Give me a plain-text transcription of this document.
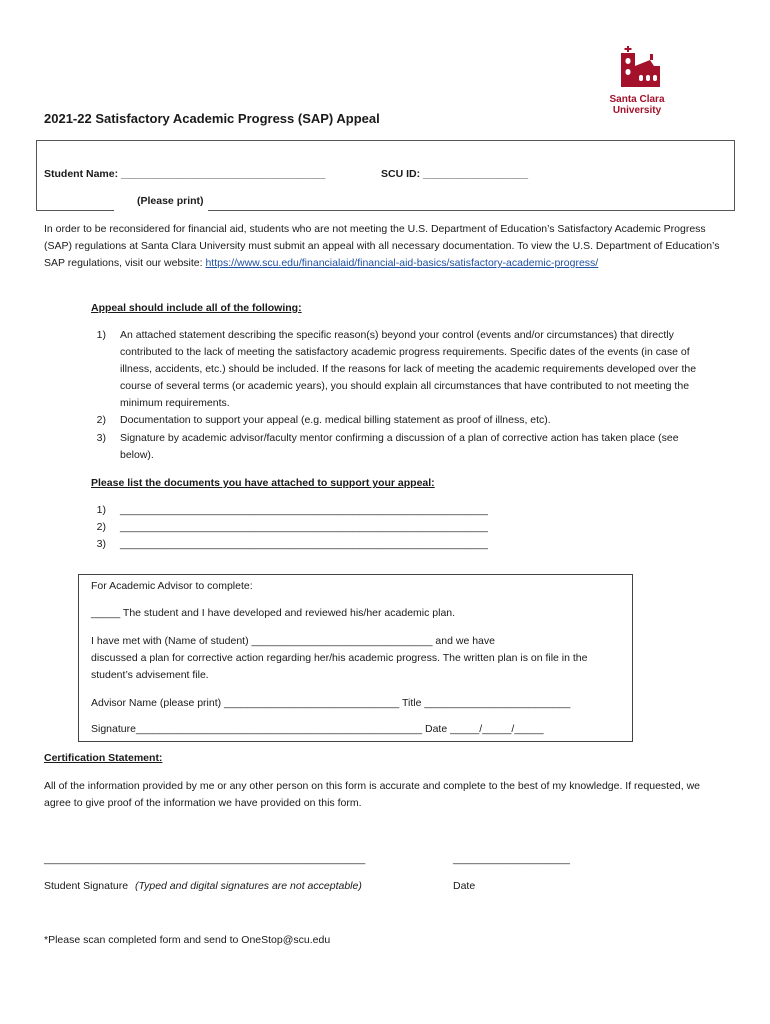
Santa Clara
University
2021-22 Satisfactory Academic Progress (SAP) Appeal
Student Name: ___________________________________	SCU ID: __________________
(Please print)
In order to be reconsidered for financial aid, students who are not meeting the U.S. Department of Education’s Satisfactory Academic Progress (SAP) regulations at Santa Clara University must submit an appeal with all necessary documentation. To view the U.S. Department of Education’s SAP regulations, visit our website: https://www.scu.edu/financialaid/financial-aid-basics/satisfactory-academic-progress/
Appeal should include all of the following:
1)	An attached statement describing the specific reason(s) beyond your control (events and/or circumstances) that directly contributed to the lack of meeting the satisfactory academic progress requirements. Specific dates of the events (in case of illness, accidents, etc.) should be included. If the reasons for lack of meeting the academic requirements developed over the course of several terms (or academic years), you should explain all circumstances that have contributed to not meeting the minimum requirements.
2)	Documentation to support your appeal (e.g. medical billing statement as proof of illness, etc).
3)	Signature by academic advisor/faculty mentor confirming a discussion of a plan of corrective action has taken place (see below).
Please list the documents you have attached to support your appeal:
1)	_______________________________________________________________
2)	_______________________________________________________________
3)	_______________________________________________________________
For Academic Advisor to complete:
_____ The student and I have developed and reviewed his/her academic plan.
I have met with (Name of student) _______________________________ and we have
discussed a plan for corrective action regarding her/his academic progress. The written plan is on file in the student’s advisement file.
Advisor Name (please print) ______________________________ Title _________________________
Signature_________________________________________________ Date _____/_____/_____
Certification Statement:
All of the information provided by me or any other person on this form is accurate and complete to the best of my knowledge. If requested, we agree to give proof of the information we have provided on this form.
_______________________________________________________	____________________
Student Signature (Typed and digital signatures are not acceptable)	Date
*Please scan completed form and send to OneStop@scu.edu
